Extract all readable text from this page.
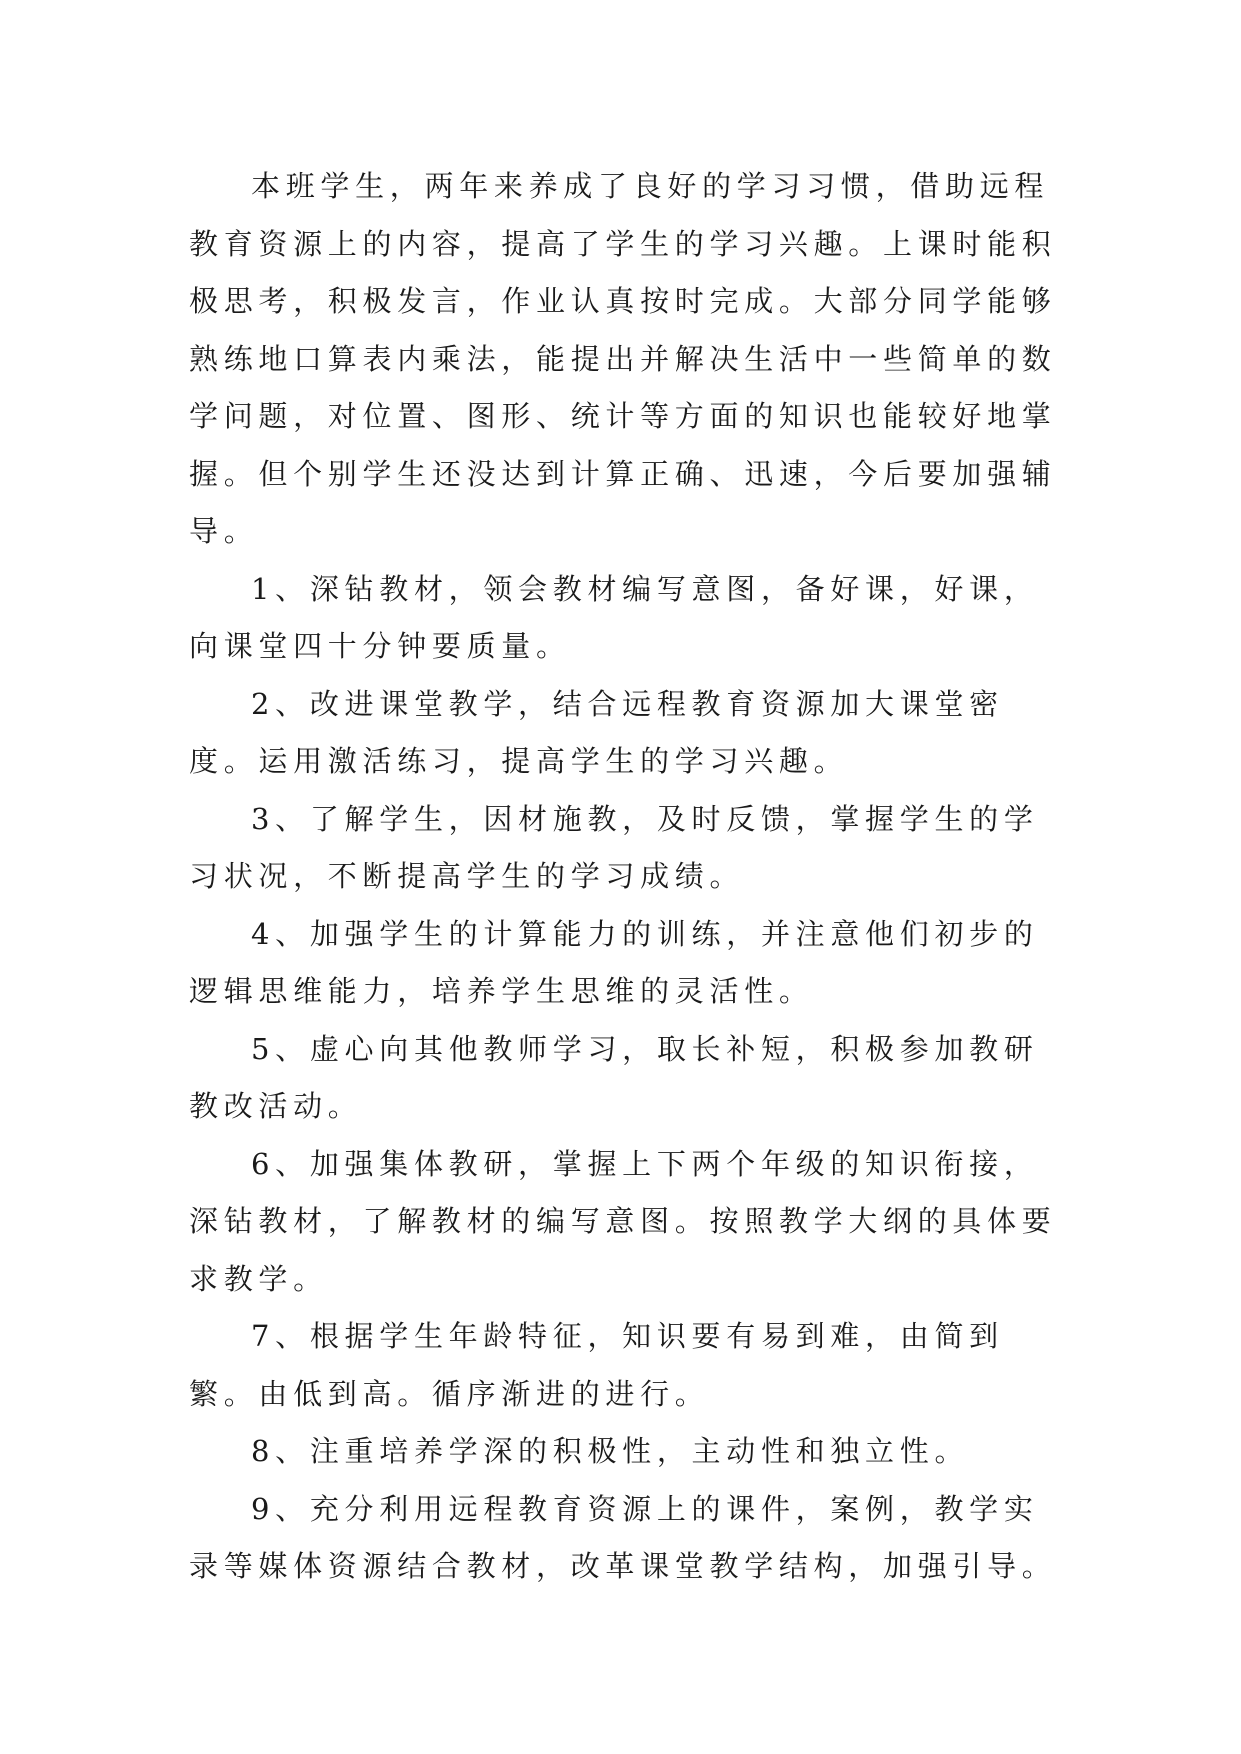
本班学生，两年来养成了良好的学习习惯，借助远程教育资源上的内容，提高了学生的学习兴趣。上课时能积极思考，积极发言，作业认真按时完成。大部分同学能够熟练地口算表内乘法，能提出并解决生活中一些简单的数学问题，对位置、图形、统计等方面的知识也能较好地掌握。但个别学生还没达到计算正确、迅速，今后要加强辅导。

1、深钻教材，领会教材编写意图，备好课，好课，向课堂四十分钟要质量。

2、改进课堂教学，结合远程教育资源加大课堂密度。运用激活练习，提高学生的学习兴趣。

3、了解学生，因材施教，及时反馈，掌握学生的学习状况，不断提高学生的学习成绩。

4、加强学生的计算能力的训练，并注意他们初步的逻辑思维能力，培养学生思维的灵活性。

5、虚心向其他教师学习，取长补短，积极参加教研教改活动。

6、加强集体教研，掌握上下两个年级的知识衔接，深钻教材，了解教材的编写意图。按照教学大纲的具体要求教学。

7、根据学生年龄特征，知识要有易到难，由简到繁。由低到高。循序渐进的进行。

8、注重培养学深的积极性，主动性和独立性。

9、充分利用远程教育资源上的课件，案例，教学实录等媒体资源结合教材，改革课堂教学结构，加强引导。
